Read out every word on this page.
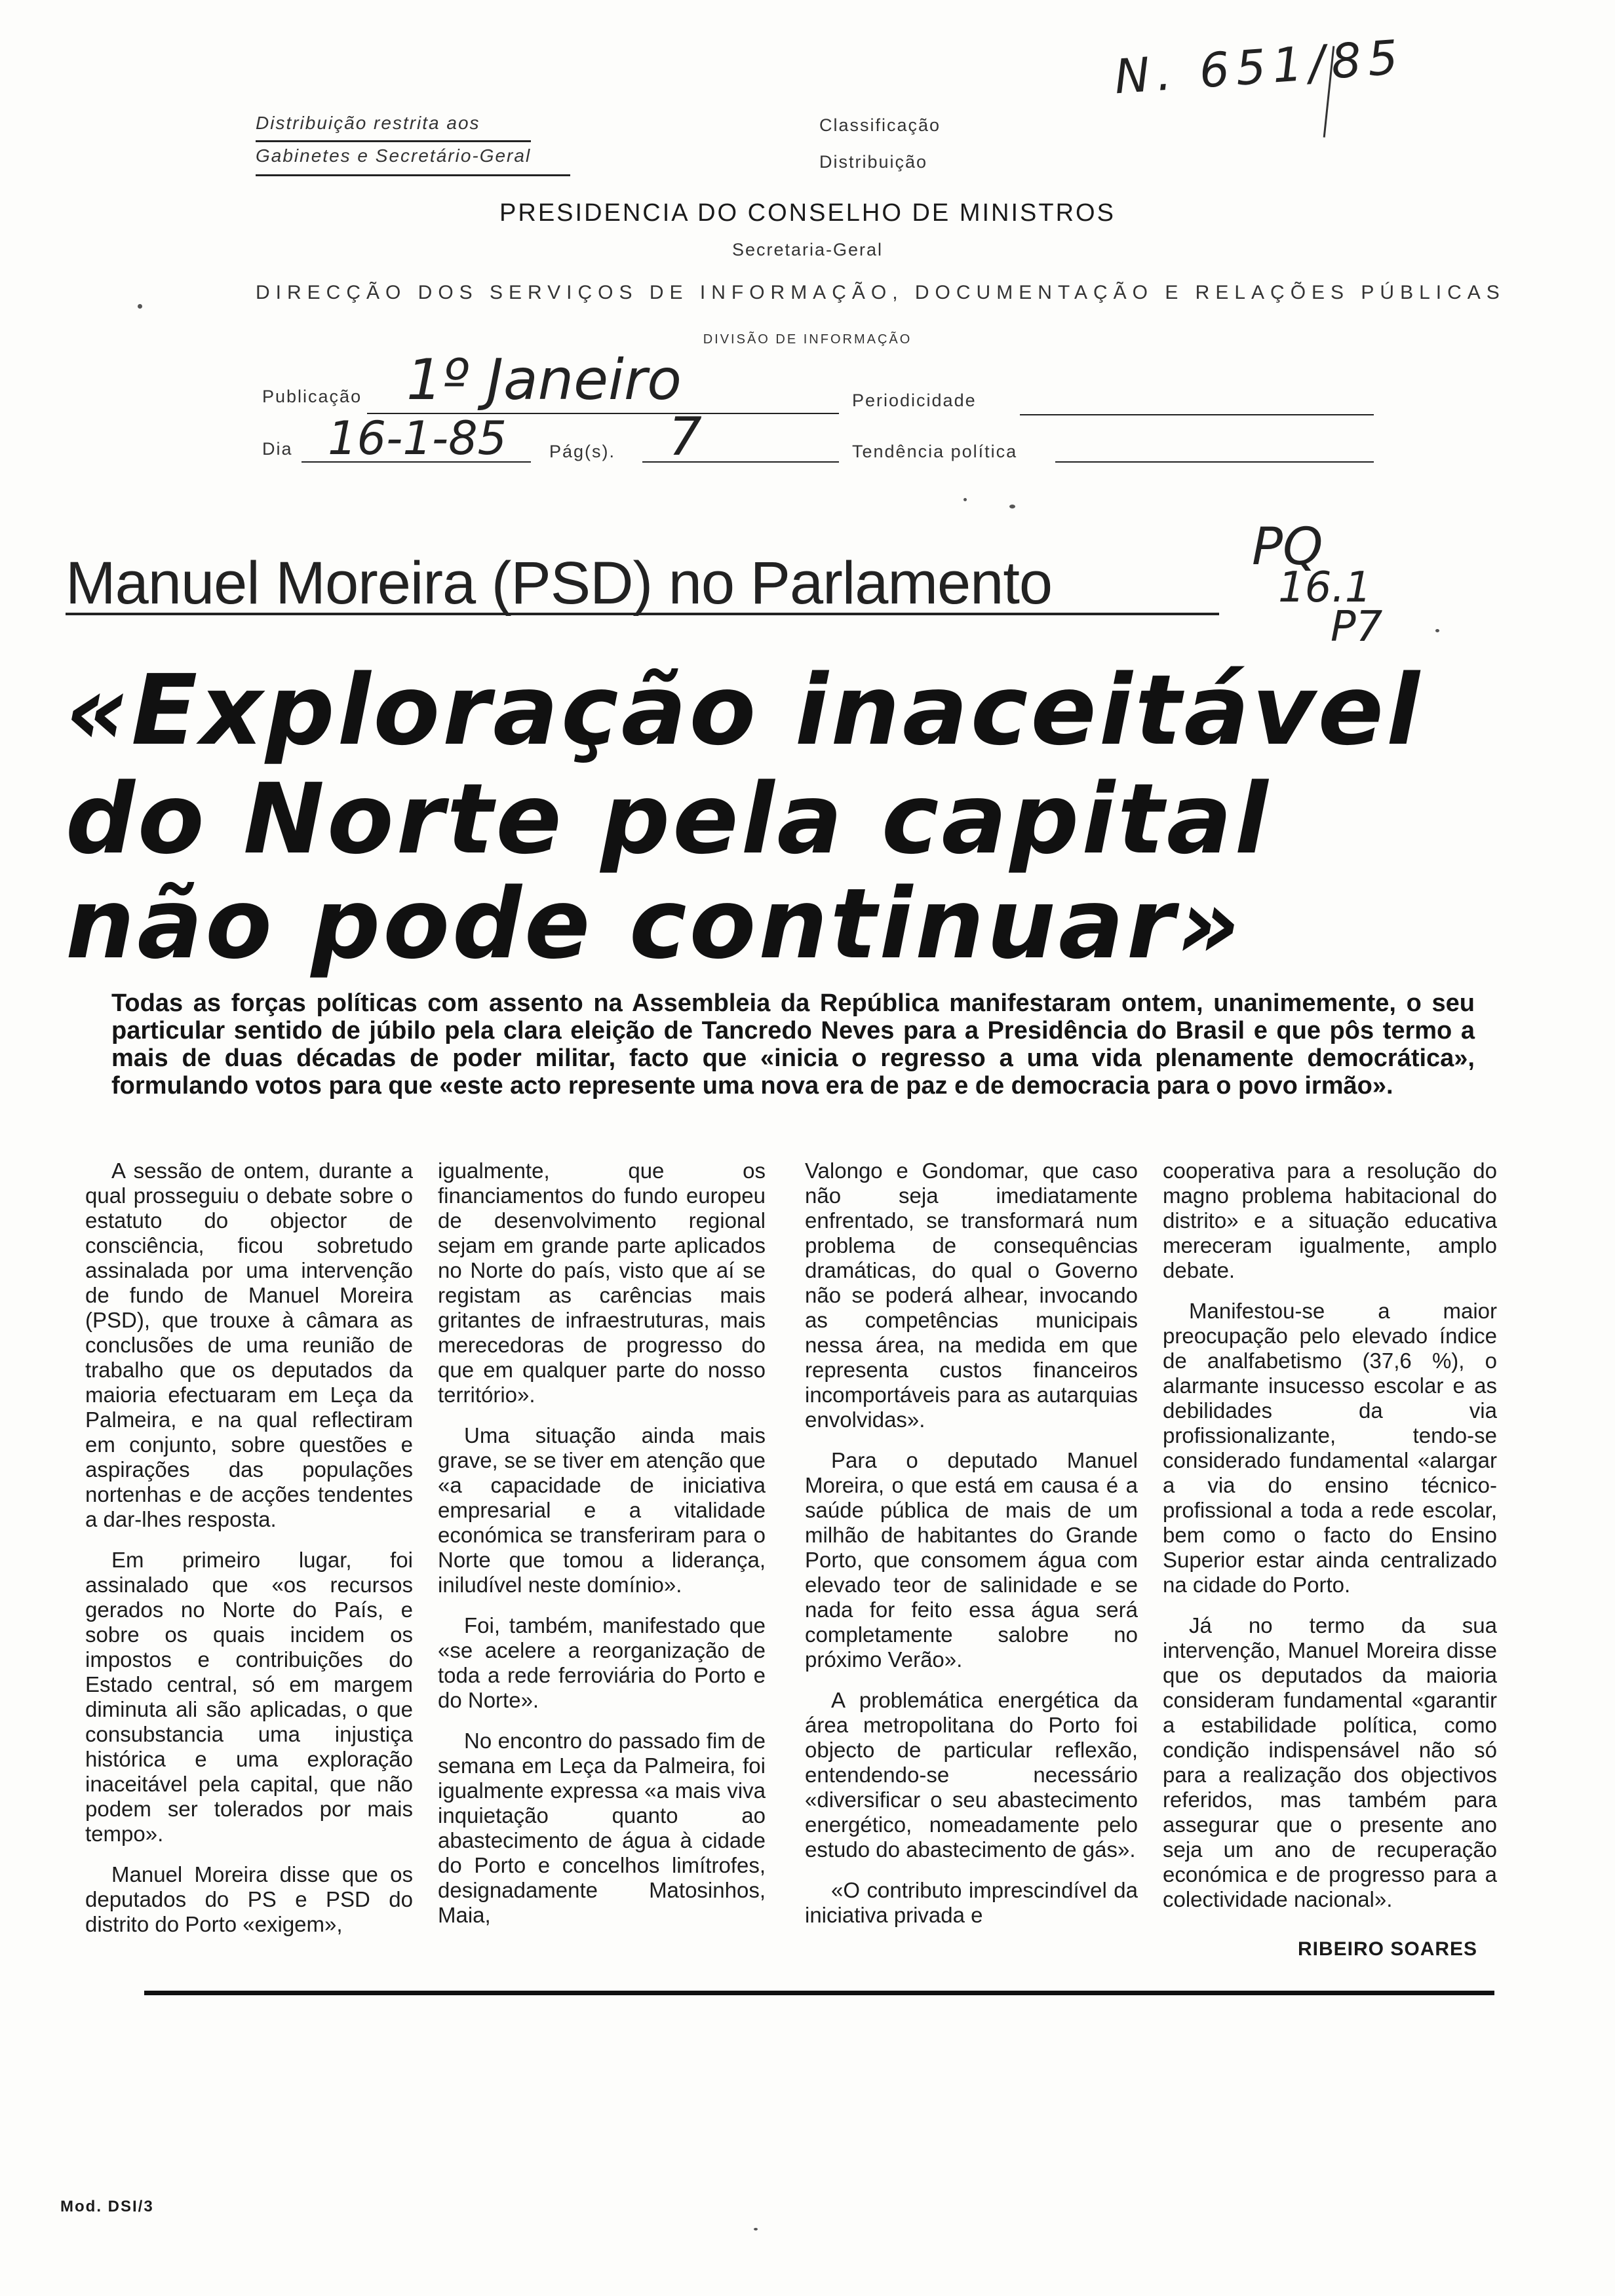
N. 651/85
Distribuição restrita aos
Gabinetes e Secretário-Geral
Classificação
Distribuição
PRESIDENCIA DO CONSELHO DE MINISTROS
Secretaria-Geral
DIRECÇÃO DOS SERVIÇOS DE INFORMAÇÃO, DOCUMENTAÇÃO E RELAÇÕES PÚBLICAS
DIVISÃO DE INFORMAÇÃO
Publicação 1º Janeiro	Periodicidade
Dia 16-1-85 Pág(s). 7	Tendência política
PQ
16.1
P7
Manuel Moreira (PSD) no Parlamento
«Exploração inaceitável
do Norte pela capital
não pode continuar»
Todas as forças políticas com assento na Assembleia da República manifestaram ontem, unanimemente, o seu particular sentido de júbilo pela clara eleição de Tancredo Neves para a Presidência do Brasil e que pôs termo a mais de duas décadas de poder militar, facto que «inicia o regresso a uma vida plenamente democrática», formulando votos para que «este acto represente uma nova era de paz e de democracia para o povo irmão».

A sessão de ontem, durante a qual prosseguiu o debate sobre o estatuto do objector de consciência, ficou sobretudo assinalada por uma intervenção de fundo de Manuel Moreira (PSD), que trouxe à câmara as conclusões de uma reunião de trabalho que os deputados da maioria efectuaram em Leça da Palmeira, e na qual reflectiram em conjunto, sobre questões e aspirações das populações nortenhas e de acções tendentes a dar-lhes resposta.

Em primeiro lugar, foi assinalado que «os recursos gerados no Norte do País, e sobre os quais incidem os impostos e contribuições do Estado central, só em margem diminuta ali são aplicadas, o que consubstancia uma injustiça histórica e uma exploração inaceitável pela capital, que não podem ser tolerados por mais tempo».

Manuel Moreira disse que os deputados do PS e PSD do distrito do Porto «exigem»,

igualmente, que os financiamentos do fundo europeu de desenvolvimento regional sejam em grande parte aplicados no Norte do país, visto que aí se registam as carências mais gritantes de infraestruturas, mais merecedoras de progresso do que em qualquer parte do nosso território».

Uma situação ainda mais grave, se se tiver em atenção que «a capacidade de iniciativa empresarial e a vitalidade económica se transferiram para o Norte que tomou a liderança, iniludível neste domínio».

Foi, também, manifestado que «se acelere a reorganização de toda a rede ferroviária do Porto e do Norte».

No encontro do passado fim de semana em Leça da Palmeira, foi igualmente expressa «a mais viva inquietação quanto ao abastecimento de água à cidade do Porto e concelhos limítrofes, designadamente Matosinhos, Maia,

Valongo e Gondomar, que caso não seja imediatamente enfrentado, se transformará num problema de consequências dramáticas, do qual o Governo não se poderá alhear, invocando as competências municipais nessa área, na medida em que representa custos financeiros incomportáveis para as autarquias envolvidas».

Para o deputado Manuel Moreira, o que está em causa é a saúde pública de mais de um milhão de habitantes do Grande Porto, que consomem água com elevado teor de salinidade e se nada for feito essa água será completamente salobre no próximo Verão».

A problemática energética da área metropolitana do Porto foi objecto de particular reflexão, entendendo-se necessário «diversificar o seu abastecimento energético, nomeadamente pelo estudo do abastecimento de gás».

«O contributo imprescindível da iniciativa privada e

cooperativa para a resolução do magno problema habitacional do distrito» e a situação educativa mereceram igualmente, amplo debate.

Manifestou-se a maior preocupação pelo elevado índice de analfabetismo (37,6 %), o alarmante insucesso escolar e as debilidades da via profissionalizante, tendo-se considerado fundamental «alargar a via do ensino técnico-profissional a toda a rede escolar, bem como o facto do Ensino Superior estar ainda centralizado na cidade do Porto.

Já no termo da sua intervenção, Manuel Moreira disse que os deputados da maioria consideram fundamental «garantir a estabilidade política, como condição indispensável não só para a realização dos objectivos referidos, mas também para assegurar que o presente ano seja um ano de recuperação económica e de progresso para a colectividade nacional».

RIBEIRO SOARES
Mod. DSI/3
